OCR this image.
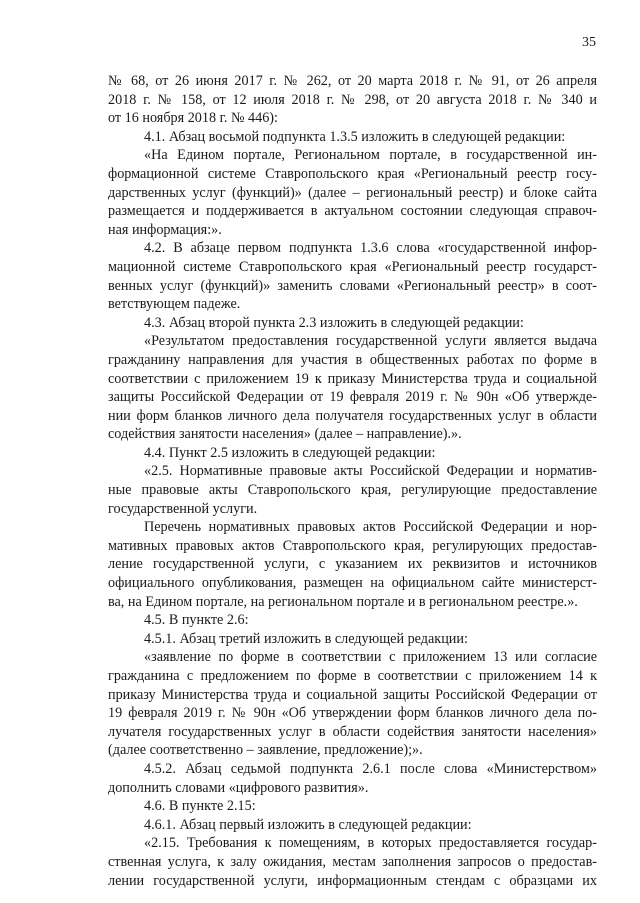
35
№ 68, от 26 июня 2017 г. № 262, от 20 марта 2018 г. № 91, от 26 апреля
2018 г. № 158, от 12 июля 2018 г. № 298, от 20 августа 2018 г. № 340 и
от 16 ноября 2018 г. № 446):
4.1. Абзац восьмой подпункта 1.3.5 изложить в следующей редакции:
«На Едином портале, Региональном портале, в государственной ин-
формационной системе Ставропольского края «Региональный реестр госу-
дарственных услуг (функций)» (далее – региональный реестр) и блоке сайта
размещается и поддерживается в актуальном состоянии следующая справоч-
ная информация:».
4.2. В абзаце первом подпункта 1.3.6 слова «государственной инфор-
мационной системе Ставропольского края «Региональный реестр государст-
венных услуг (функций)» заменить словами «Региональный реестр» в соот-
ветствующем падеже.
4.3. Абзац второй пункта 2.3 изложить в следующей редакции:
«Результатом предоставления государственной услуги является выдача
гражданину направления для участия в общественных работах по форме в
соответствии с приложением 19 к приказу Министерства труда и социальной
защиты Российской Федерации от 19 февраля 2019 г. № 90н «Об утвержде-
нии форм бланков личного дела получателя государственных услуг в области
содействия занятости населения» (далее – направление).».
4.4. Пункт 2.5 изложить в следующей редакции:
«2.5. Нормативные правовые акты Российской Федерации и норматив-
ные правовые акты Ставропольского края, регулирующие предоставление
государственной услуги.
Перечень нормативных правовых актов Российской Федерации и нор-
мативных правовых актов Ставропольского края, регулирующих предостав-
ление государственной услуги, с указанием их реквизитов и источников
официального опубликования, размещен на официальном сайте министерст-
ва, на Едином портале, на региональном портале и в региональном реестре.».
4.5. В пункте 2.6:
4.5.1. Абзац третий изложить в следующей редакции:
«заявление по форме в соответствии с приложением 13 или согласие
гражданина с предложением по форме в соответствии с приложением 14 к
приказу Министерства труда и социальной защиты Российской Федерации от
19 февраля 2019 г. № 90н «Об утверждении форм бланков личного дела по-
лучателя государственных услуг в области содействия занятости населения»
(далее соответственно – заявление, предложение);».
4.5.2. Абзац седьмой подпункта 2.6.1 после слова «Министерством»
дополнить словами «цифрового развития».
4.6. В пункте 2.15:
4.6.1. Абзац первый изложить в следующей редакции:
«2.15. Требования к помещениям, в которых предоставляется государ-
ственная услуга, к залу ожидания, местам заполнения запросов о предостав-
лении государственной услуги, информационным стендам с образцами их
